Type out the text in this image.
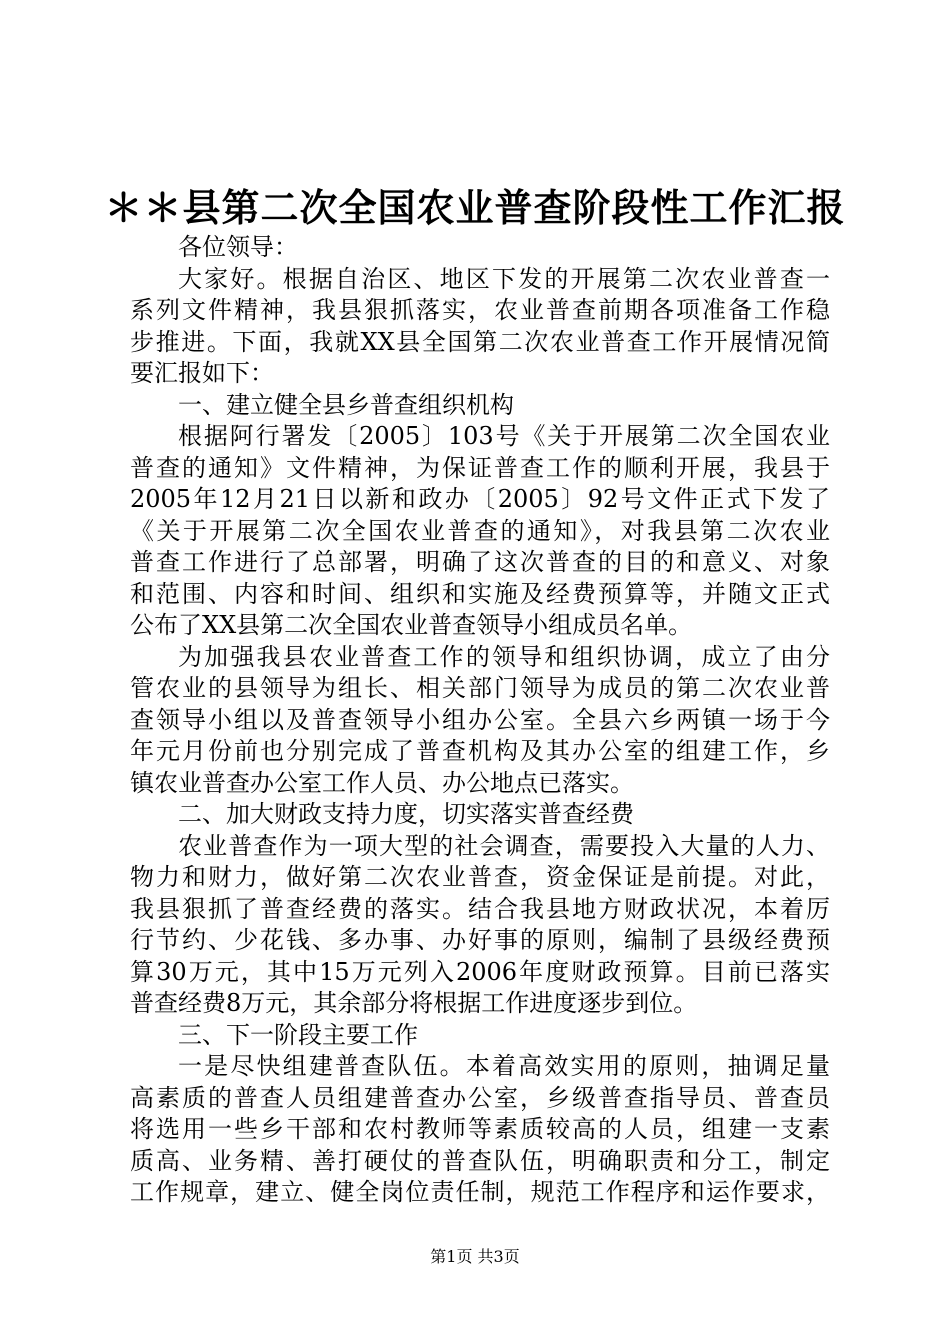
＊＊县第二次全国农业普查阶段性工作汇报
各位领导：
大家好。根据自治区、地区下发的开展第二次农业普查一
系列文件精神，我县狠抓落实，农业普查前期各项准备工作稳
步推进。下面，我就XX县全国第二次农业普查工作开展情况简
要汇报如下：
一、建立健全县乡普查组织机构
根据阿行署发〔2005〕103号《关于开展第二次全国农业
普查的通知》文件精神，为保证普查工作的顺利开展，我县于
2005年12月21日以新和政办〔2005〕92号文件正式下发了
《关于开展第二次全国农业普查的通知》，对我县第二次农业
普查工作进行了总部署，明确了这次普查的目的和意义、对象
和范围、内容和时间、组织和实施及经费预算等，并随文正式
公布了XX县第二次全国农业普查领导小组成员名单。
为加强我县农业普查工作的领导和组织协调，成立了由分
管农业的县领导为组长、相关部门领导为成员的第二次农业普
查领导小组以及普查领导小组办公室。全县六乡两镇一场于今
年元月份前也分别完成了普查机构及其办公室的组建工作，乡
镇农业普查办公室工作人员、办公地点已落实。
二、加大财政支持力度，切实落实普查经费
农业普查作为一项大型的社会调查，需要投入大量的人力、
物力和财力，做好第二次农业普查，资金保证是前提。对此，
我县狠抓了普查经费的落实。结合我县地方财政状况，本着厉
行节约、少花钱、多办事、办好事的原则，编制了县级经费预
算30万元，其中15万元列入2006年度财政预算。目前已落实
普查经费8万元，其余部分将根据工作进度逐步到位。
三、下一阶段主要工作
一是尽快组建普查队伍。本着高效实用的原则，抽调足量
高素质的普查人员组建普查办公室，乡级普查指导员、普查员
将选用一些乡干部和农村教师等素质较高的人员，组建一支素
质高、业务精、善打硬仗的普查队伍，明确职责和分工，制定
工作规章，建立、健全岗位责任制，规范工作程序和运作要求，
第1页 共3页
